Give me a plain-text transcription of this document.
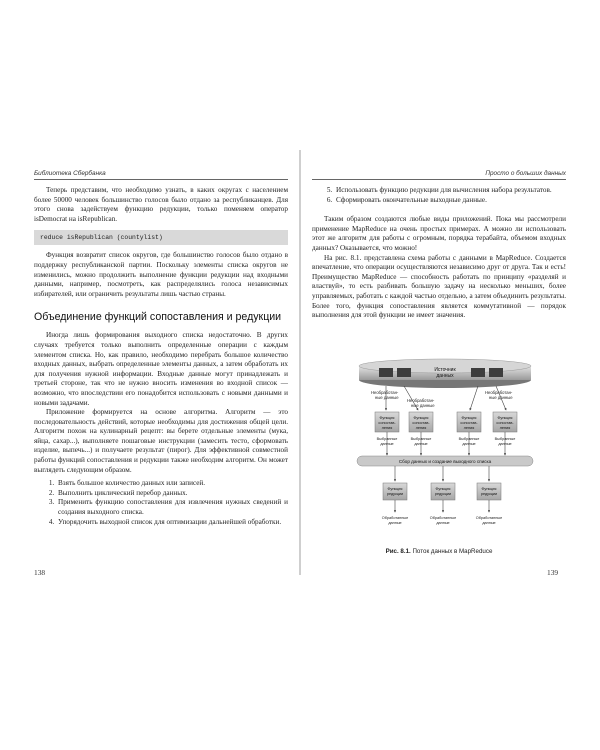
Библиотека Сбербанка

Теперь представим, что необходимо узнать, в каких округах с населением более 50000 человек большинство голосов было отдано за республиканцев. Для этого снова задействуем функцию редукции, только поменяем оператор isDemocrat на isRepublican.

reduce isRepublican (countylist)

Функция возвратит список округов, где большинство голосов было отдано в поддержку республиканской партии. Поскольку элементы списка округов не изменились, можно продолжить выполнение функции редукции над входными данными, например, посмотреть, как распределялись голоса независимых избирателей, или ограничить результаты лишь частью страны.

Объединение функций сопоставления и редукции

Иногда лишь формирования выходного списка недостаточно. В других случаях требуется только выполнить определенные операции с каждым элементом списка. Но, как правило, необходимо перебрать большое количество входных данных, выбрать определенные элементы данных, а затем обработать их для получения нужной информации. Входные данные могут принадлежать и третьей стороне, так что не нужно вносить изменения во входной список — возможно, что впоследствии его понадобится использовать с новыми данными и новыми задачами.

Приложение формируется на основе алгоритма. Алгоритм — это последовательность действий, которые необходимы для достижения общей цели. Алгоритм похож на кулинарный рецепт: вы берете отдельные элементы (мука, яйца, сахар...), выполняете пошаговые инструкции (замесить тесто, сформовать изделие, выпечь...) и получаете результат (пирог). Для эффективной совместной работы функций сопоставления и редукции также необходим алгоритм. Он может выглядеть следующим образом.

1. Взять большое количество данных или записей.
2. Выполнить циклический перебор данных.
3. Применить функцию сопоставления для извлечения нужных сведений и создания выходного списка.
4. Упорядочить выходной список для оптимизации дальнейшей обработки.
138
Просто о больших данных
5. Использовать функцию редукции для вычисления набора результатов.
6. Сформировать окончательные выходные данные.

Таким образом создаются любые виды приложений. Пока мы рассмотрели применение MapReduce на очень простых примерах. А можно ли использовать этот же алгоритм для работы с огромным, порядка терабайта, объемом входных данных? Оказывается, что можно!

На рис. 8.1. представлена схема работы с данными в MapReduce. Создается впечатление, что операции осуществляются независимо друг от друга. Так и есть! Преимущество MapReduce — способность работать по принципу «разделяй и властвуй», то есть разбивать большую задачу на несколько меньших, более управляемых, работать с каждой частью отдельно, а затем объединить результаты. Более того, функция сопоставления является коммутативной — порядок выполнения для этой функции не имеет значения.

Источник
данных
Необработан-
ные данные
Необработан-
ные данные
Необработан-
ные данные
Функция
сопостав-
ления
Функция
сопостав-
ления
Функция
сопостав-
ления
Функция
сопостав-
ления
Выбранные
данные
Выбранные
данные
Выбранные
данные
Выбранные
данные
Сбор данных и создание выходного списка
Функция
редукции
Функция
редукции
Функция
редукции
Обработанные
данные
Обработанные
данные
Обработанные
данные
Рис. 8.1. Поток данных в MapReduce
139
